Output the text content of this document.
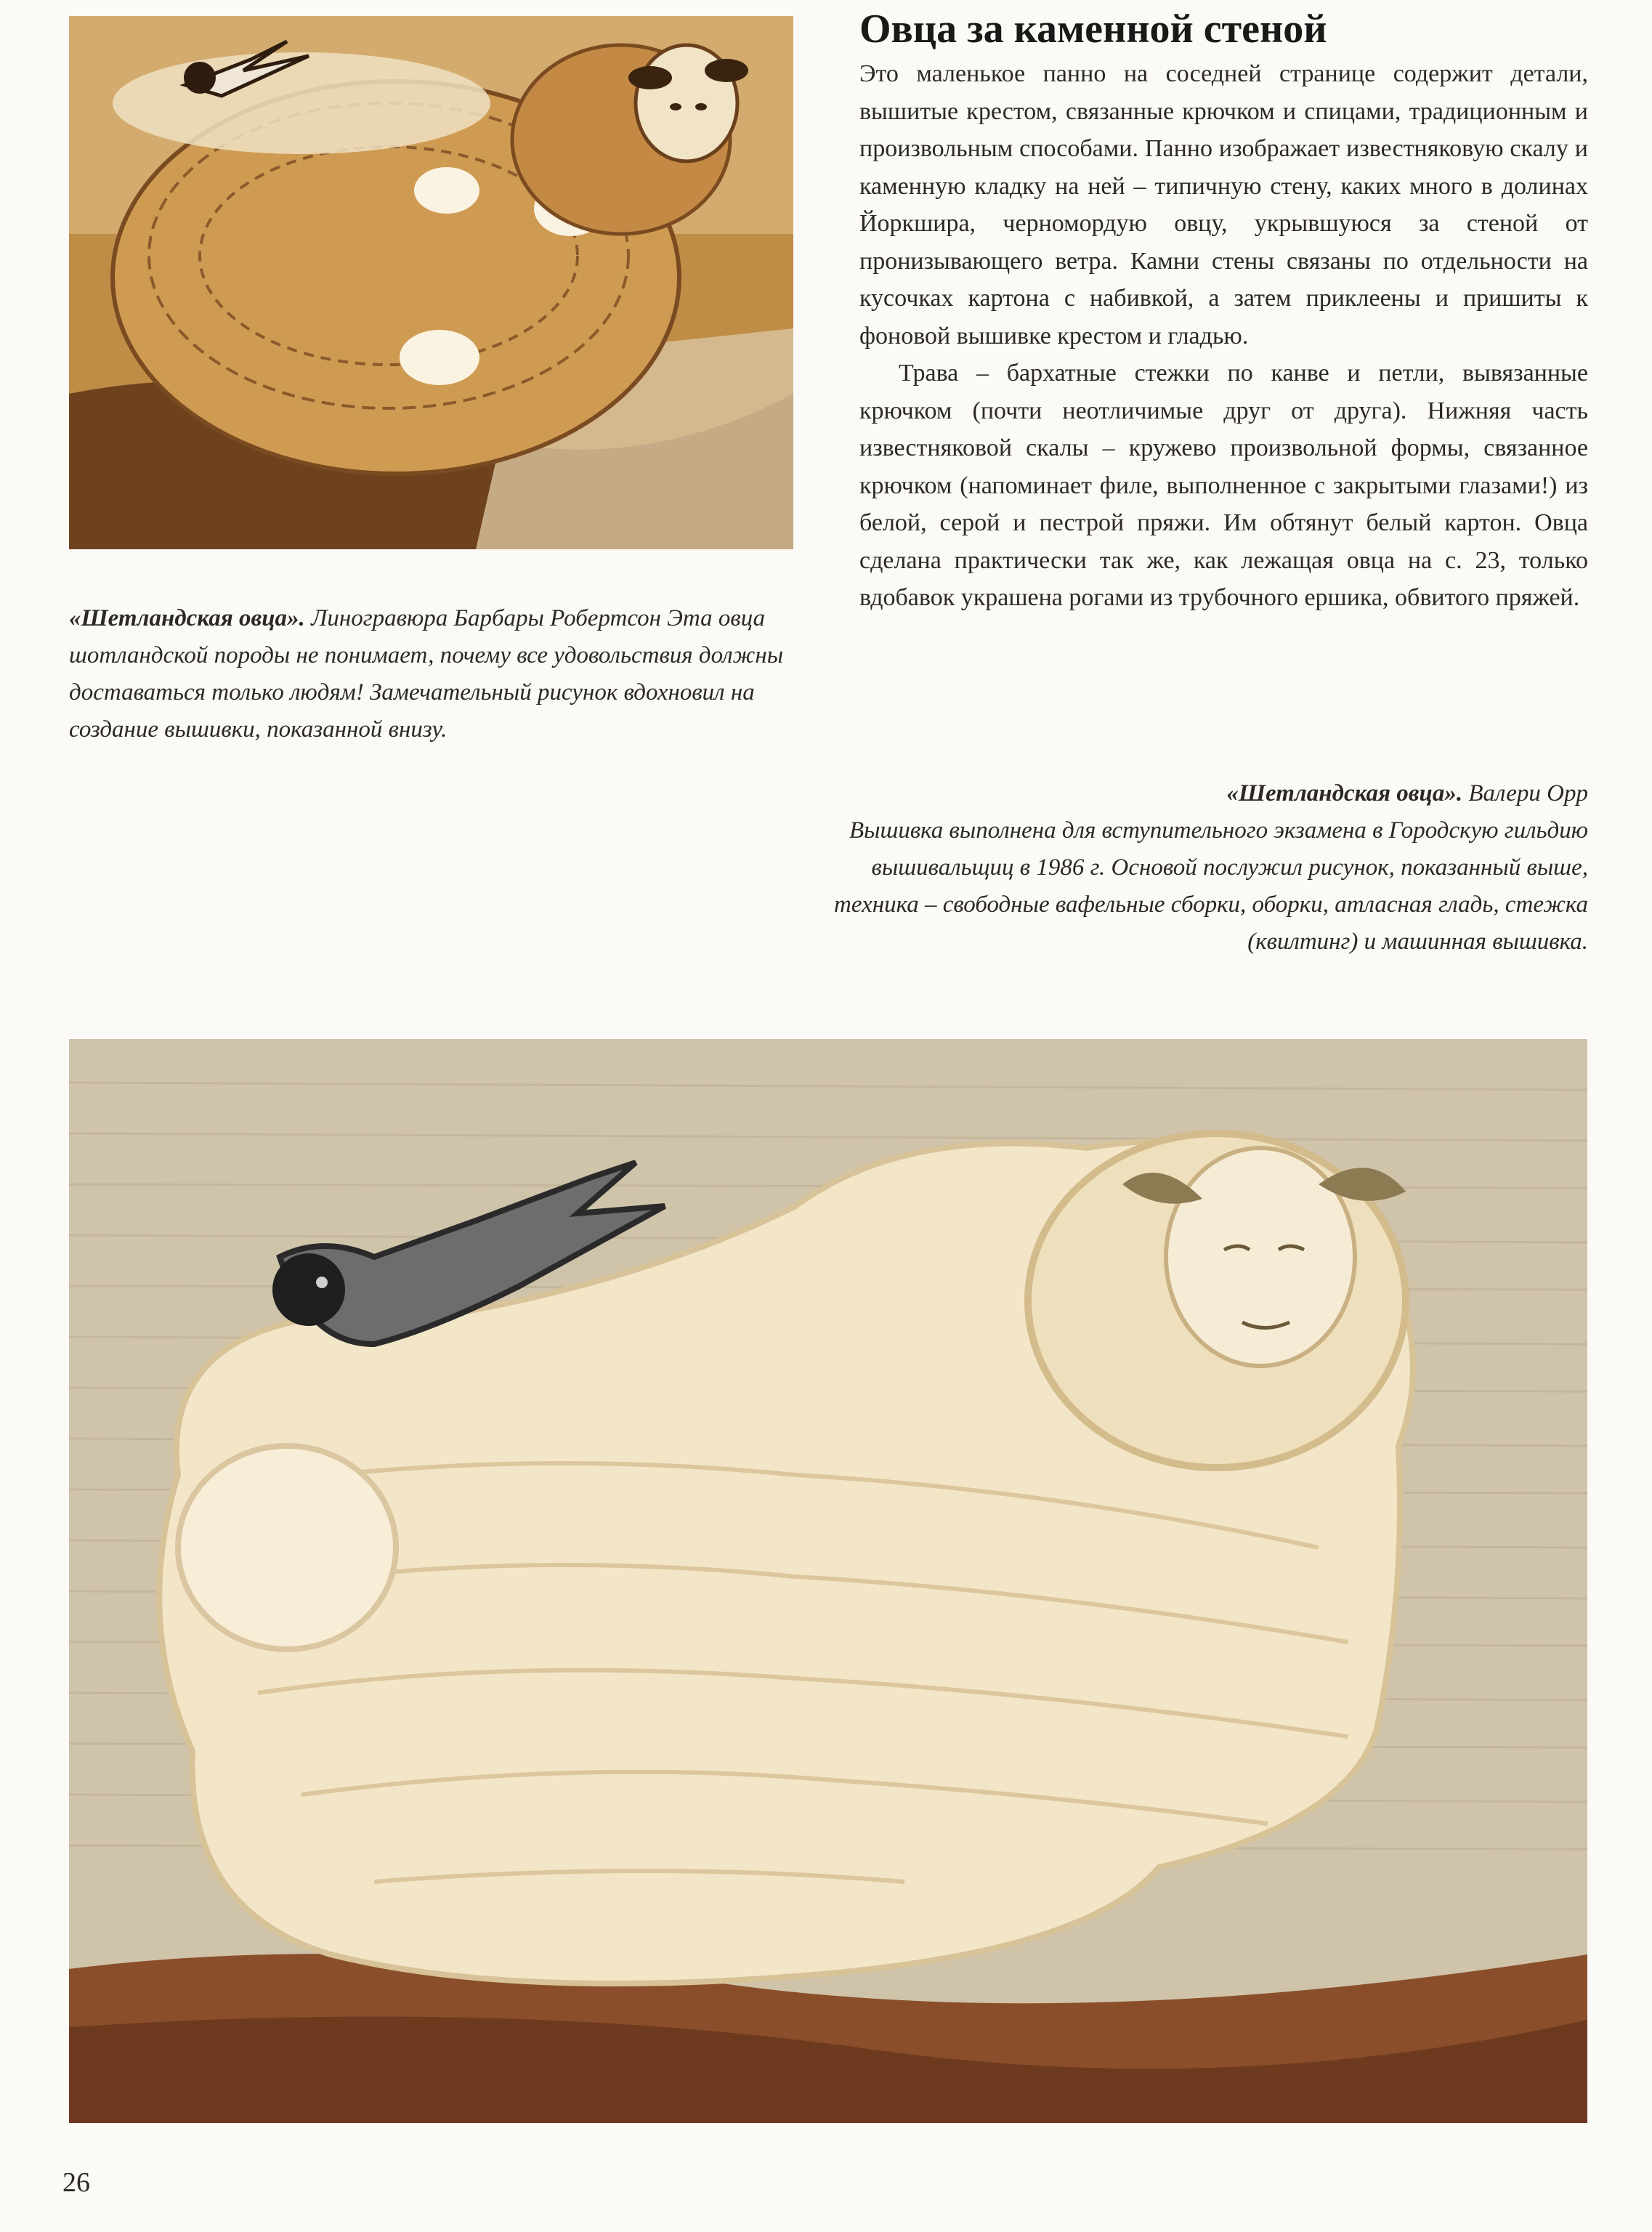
Овца за каменной стеной

Это маленькое панно на соседней странице содержит детали, вышитые крестом, связанные крючком и спицами, традиционным и произвольным способами. Панно изображает известняковую скалу и каменную кладку на ней – типичную стену, каких много в долинах Йоркшира, черномордую овцу, укрывшуюся за стеной от пронизывающего ветра. Камни стены связаны по отдельности на кусочках картона с набивкой, а затем приклеены и пришиты к фоновой вышивке крестом и гладью.

Трава – бархатные стежки по канве и петли, вывязанные крючком (почти неотличимые друг от друга). Нижняя часть известняковой скалы – кружево произвольной формы, связанное крючком (напоминает филе, выполненное с закрытыми глазами!) из белой, серой и пестрой пряжи. Им обтянут белый картон. Овца сделана практически так же, как лежащая овца на с. 23, только вдобавок украшена рогами из трубочного ершика, обвитого пряжей.

«Шетландская овца». Линогравюра Барбары Робертсон Эта овца шотландской породы не понимает, почему все удовольствия должны доставаться только людям! Замечательный рисунок вдохновил на создание вышивки, показанной внизу.

«Шетландская овца». Валери Орр
Вышивка выполнена для вступительного экзамена в Городскую гильдию вышивальщиц в 1986 г. Основой послужил рисунок, показанный выше, техника – свободные вафельные сборки, оборки, атласная гладь, стежка (квилтинг) и машинная вышивка.

26
